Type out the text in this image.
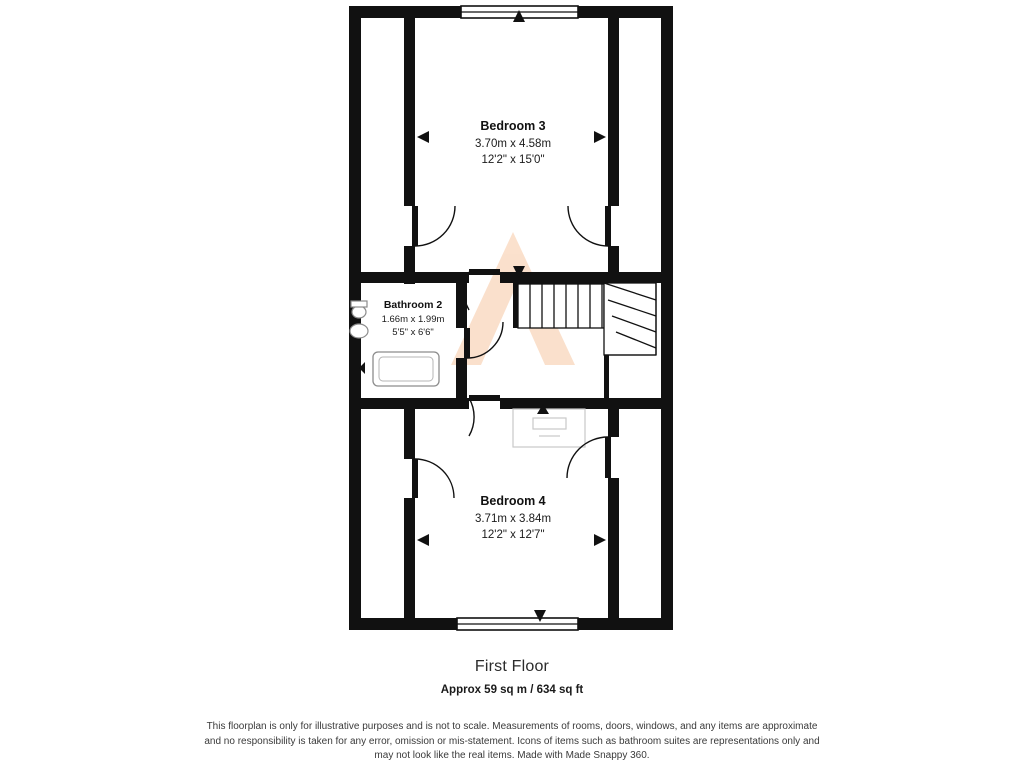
Bedroom 3
3.70m x 4.58m
12'2" x 15'0"
Bathroom 2
1.66m x 1.99m
5'5" x 6'6"
Bedroom 4
3.71m x 3.84m
12'2" x 12'7"
First Floor
Approx 59 sq m / 634 sq ft
This floorplan is only for illustrative purposes and is not to scale. Measurements of rooms, doors, windows, and any items are approximate
and no responsibility is taken for any error, omission or mis-statement. Icons of items such as bathroom suites are representations only and
may not look like the real items. Made with Made Snappy 360.
